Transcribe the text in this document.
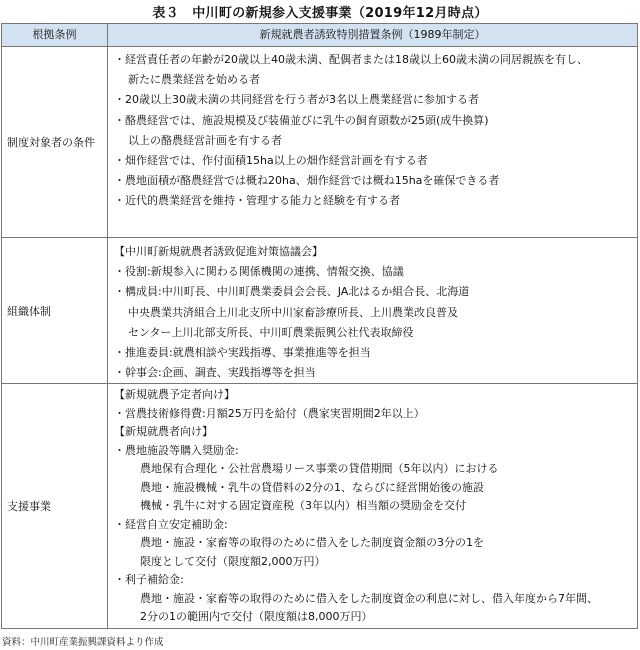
表３　中川町の新規参入支援事業（2019年12月時点）
根拠条例	新規就農者誘致特別措置条例（1989年制定）
制度対象者の条件
・経営責任者の年齢が20歳以上40歳未満、配偶者または18歳以上60歳未満の同居親族を有し、
新たに農業経営を始める者
・20歳以上30歳未満の共同経営を行う者が3名以上農業経営に参加する者
・酪農経営では、施設規模及び装備並びに乳牛の飼育頭数が25頭(成牛換算)
以上の酪農経営計画を有する者
・畑作経営では、作付面積15ha以上の畑作経営計画を有する者
・農地面積が酪農経営では概ね20ha、畑作経営では概ね15haを確保できる者
・近代的農業経営を維持・管理する能力と経験を有する者
組織体制
【中川町新規就農者誘致促進対策協議会】
・役割:新規参入に関わる関係機関の連携、情報交換、協議
・構成員:中川町長、中川町農業委員会会長、JA北はるか組合長、北海道
中央農業共済組合上川北支所中川家畜診療所長、上川農業改良普及
センター上川北部支所長、中川町農業振興公社代表取締役
・推進委員:就農相談や実践指導、事業推進等を担当
・幹事会:企画、調査、実践指導等を担当
支援事業
【新規就農予定者向け】
・営農技術修得費:月額25万円を給付（農家実習期間2年以上）
【新規就農者向け】
・農地施設等購入奨励金:
農地保有合理化・公社営農場リース事業の貸借期間（5年以内）における
農地・施設機械・乳牛の貸借料の2分の1、ならびに経営開始後の施設
機械・乳牛に対する固定資産税（3年以内）相当額の奨励金を交付
・経営自立安定補助金:
農地・施設・家畜等の取得のために借入をした制度資金額の3分の1を
限度として交付（限度額2,000万円）
・利子補給金:
農地・施設・家畜等の取得のために借入をした制度資金の利息に対し、借入年度から7年間、
2分の1の範囲内で交付（限度額は8,000万円）
資料：中川町産業振興課資料より作成
